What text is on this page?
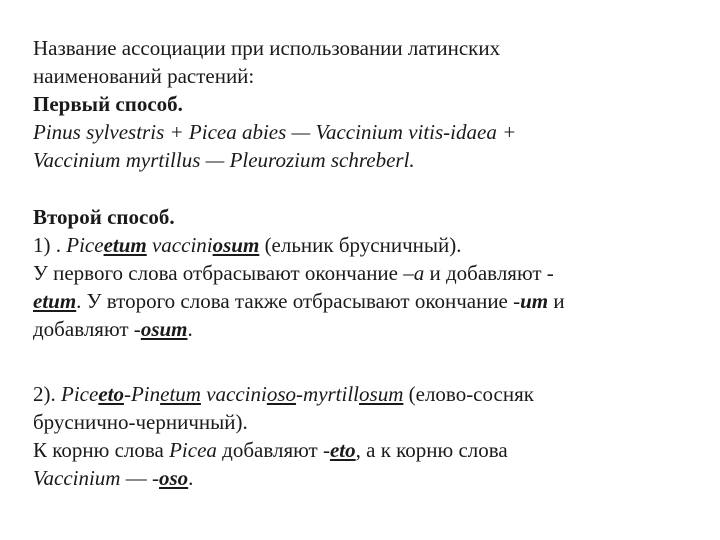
Название ассоциации при использовании латинских
наименований растений:
Первый способ.
Pinus sylvestris + Picea abies — Vaccinium vitis-idaea +
Vaccinium myrtillus — Pleurozium schreberl.
Второй способ.
1) . Piceetum vacciniosum (ельник брусничный).
У первого слова отбрасывают окончание –a и добавляют -
etum. У второго слова также отбрасывают окончание -um и
добавляют -osum.
2). Piceeto-Pinetum vaccinioso-myrtillosum (елово-сосняк
бруснично-черничный).
К корню слова Picea добавляют -eto, а к корню слова
Vaccinium — -oso.
